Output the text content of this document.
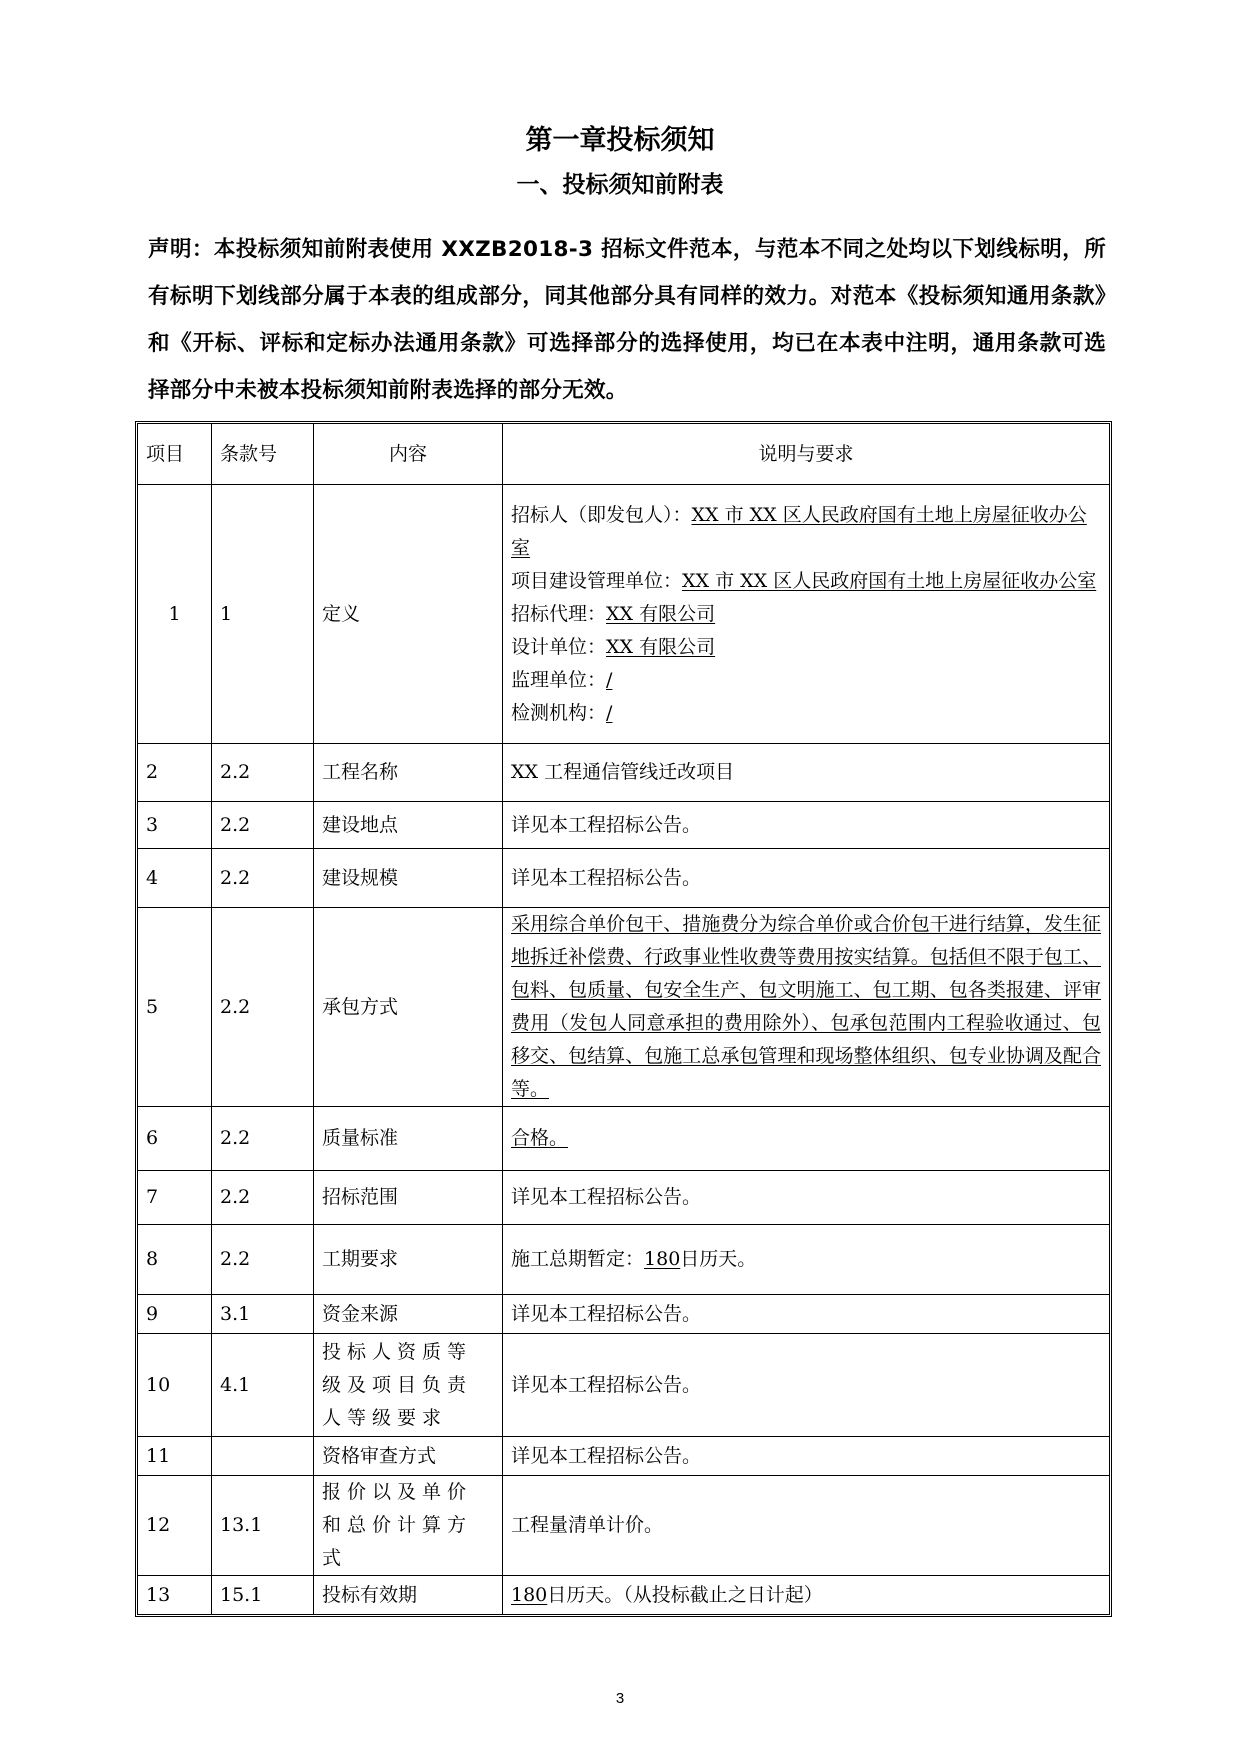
第一章投标须知
一、投标须知前附表
声明：本投标须知前附表使用 XXZB2018-3 招标文件范本，与范本不同之处均以下划线标明，所有标明下划线部分属于本表的组成部分，同其他部分具有同样的效力。对范本《投标须知通用条款》和《开标、评标和定标办法通用条款》可选择部分的选择使用，均已在本表中注明，通用条款可选择部分中未被本投标须知前附表选择的部分无效。
项目	条款号	内容	说明与要求
1	1	定义	
招标人（即发包人）：XX 市 XX 区人民政府国有土地上房屋征收办公室
项目建设管理单位：XX 市 XX 区人民政府国有土地上房屋征收办公室
招标代理：XX 有限公司
设计单位：XX 有限公司
监理单位：/
检测机构：/

2	2.2	工程名称	XX 工程通信管线迁改项目
3	2.2	建设地点	详见本工程招标公告。
4	2.2	建设规模	详见本工程招标公告。
5	2.2	承包方式	采用综合单价包干、措施费分为综合单价或合价包干进行结算，发生征地拆迁补偿费、行政事业性收费等费用按实结算。包括但不限于包工、包料、包质量、包安全生产、包文明施工、包工期、包各类报建、评审费用（发包人同意承担的费用除外）、包承包范围内工程验收通过、包移交、包结算、包施工总承包管理和现场整体组织、包专业协调及配合等。
6	2.2	质量标准	合格。
7	2.2	招标范围	详见本工程招标公告。
8	2.2	工期要求	施工总期暂定：180日历天。
9	3.1	资金来源	详见本工程招标公告。
10	4.1	投标人资质等级及项目负责人等级要求	详见本工程招标公告。
11		资格审查方式	详见本工程招标公告。
12	13.1	报价以及单价和总价计算方式	工程量清单计价。
13	15.1	投标有效期	180日历天。（从投标截止之日计起）
3
